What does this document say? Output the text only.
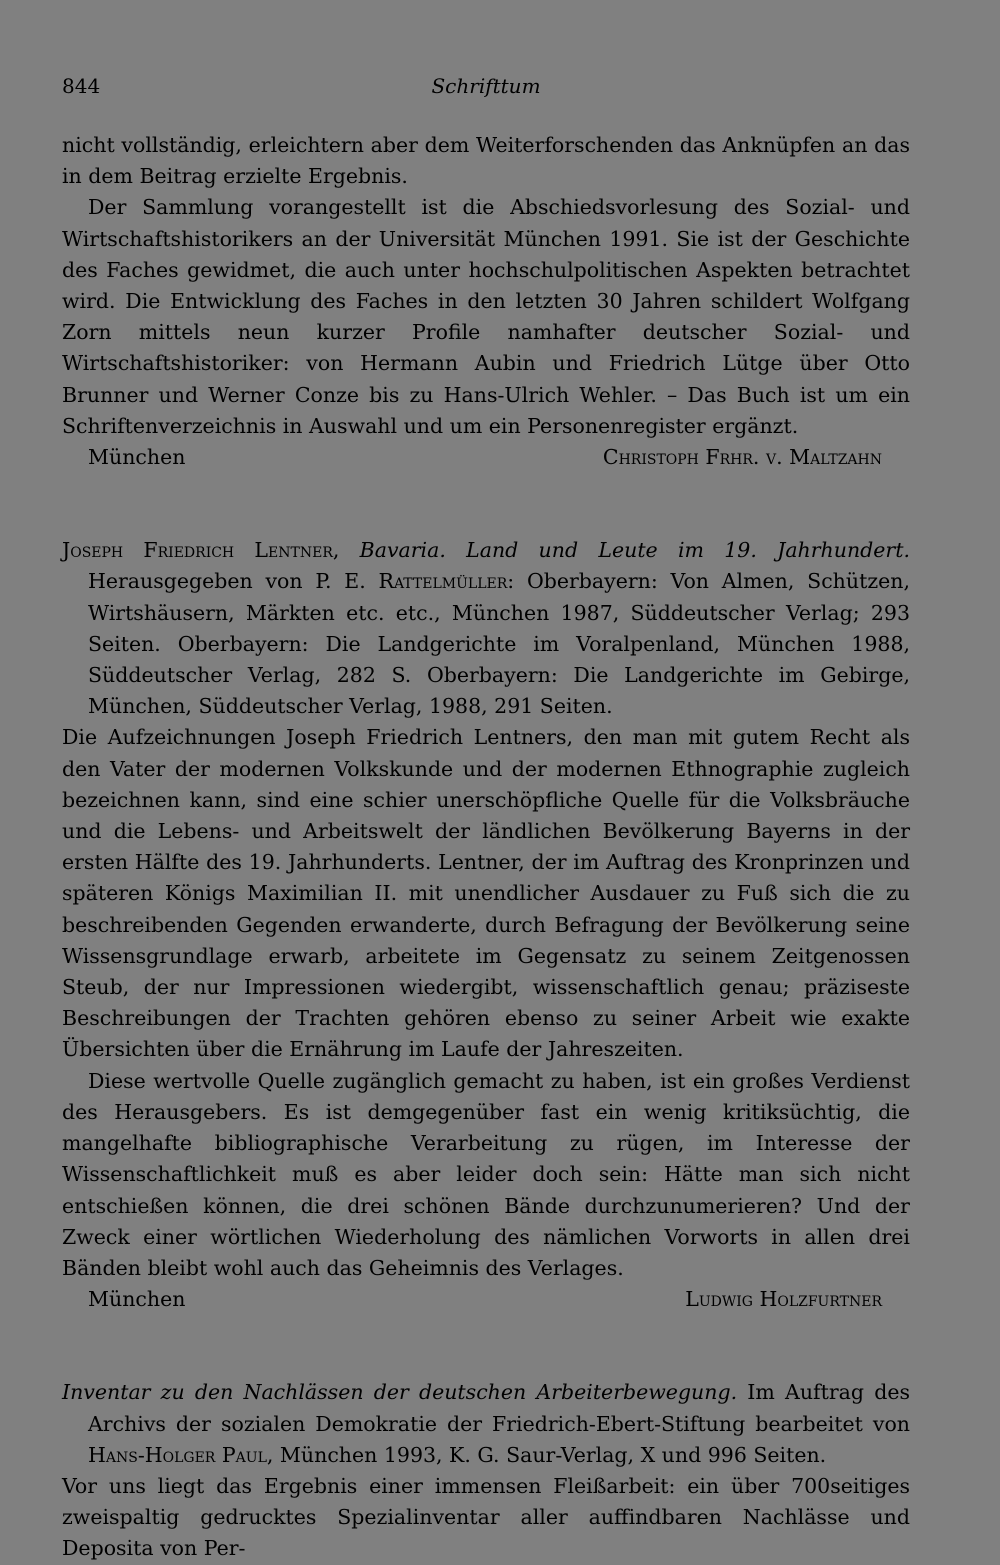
844	Schrifttum

nicht vollständig, erleichtern aber dem Weiterforschenden das Anknüpfen an das in dem Beitrag erzielte Ergebnis.

Der Sammlung vorangestellt ist die Abschiedsvorlesung des Sozial- und Wirtschaftshistorikers an der Universität München 1991. Sie ist der Geschichte des Faches gewidmet, die auch unter hochschulpolitischen Aspekten betrachtet wird. Die Entwicklung des Faches in den letzten 30 Jahren schildert Wolfgang Zorn mittels neun kurzer Profile namhafter deutscher Sozial- und Wirtschaftshistoriker: von Hermann Aubin und Friedrich Lütge über Otto Brunner und Werner Conze bis zu Hans-Ulrich Wehler. – Das Buch ist um ein Schriftenverzeichnis in Auswahl und um ein Personenregister ergänzt.

München	Christoph Frhr. v. Maltzahn

Joseph Friedrich Lentner, Bavaria. Land und Leute im 19. Jahrhundert. Herausgegeben von P. E. Rattelmüller: Oberbayern: Von Almen, Schützen, Wirtshäusern, Märkten etc. etc., München 1987, Süddeutscher Verlag; 293 Seiten. Oberbayern: Die Landgerichte im Voralpenland, München 1988, Süddeutscher Verlag, 282 S. Oberbayern: Die Landgerichte im Gebirge, München, Süddeutscher Verlag, 1988, 291 Seiten.

Die Aufzeichnungen Joseph Friedrich Lentners, den man mit gutem Recht als den Vater der modernen Volkskunde und der modernen Ethnographie zugleich bezeichnen kann, sind eine schier unerschöpfliche Quelle für die Volksbräuche und die Lebens- und Arbeitswelt der ländlichen Bevölkerung Bayerns in der ersten Hälfte des 19. Jahrhunderts. Lentner, der im Auftrag des Kronprinzen und späteren Königs Maximilian II. mit unendlicher Ausdauer zu Fuß sich die zu beschreibenden Gegenden erwanderte, durch Befragung der Bevölkerung seine Wissensgrundlage erwarb, arbeitete im Gegensatz zu seinem Zeitgenossen Steub, der nur Impressionen wiedergibt, wissenschaftlich genau; präziseste Beschreibungen der Trachten gehören ebenso zu seiner Arbeit wie exakte Übersichten über die Ernährung im Laufe der Jahreszeiten.

Diese wertvolle Quelle zugänglich gemacht zu haben, ist ein großes Verdienst des Herausgebers. Es ist demgegenüber fast ein wenig kritiksüchtig, die mangelhafte bibliographische Verarbeitung zu rügen, im Interesse der Wissenschaftlichkeit muß es aber leider doch sein: Hätte man sich nicht entschießen können, die drei schönen Bände durchzunumerieren? Und der Zweck einer wörtlichen Wiederholung des nämlichen Vorworts in allen drei Bänden bleibt wohl auch das Geheimnis des Verlages.

München	Ludwig Holzfurtner

Inventar zu den Nachlässen der deutschen Arbeiterbewegung. Im Auftrag des Archivs der sozialen Demokratie der Friedrich-Ebert-Stiftung bearbeitet von Hans-Holger Paul, München 1993, K. G. Saur-Verlag, X und 996 Seiten.

Vor uns liegt das Ergebnis einer immensen Fleißarbeit: ein über 700seitiges zweispaltig gedrucktes Spezialinventar aller auffindbaren Nachlässe und Deposita von Per-
